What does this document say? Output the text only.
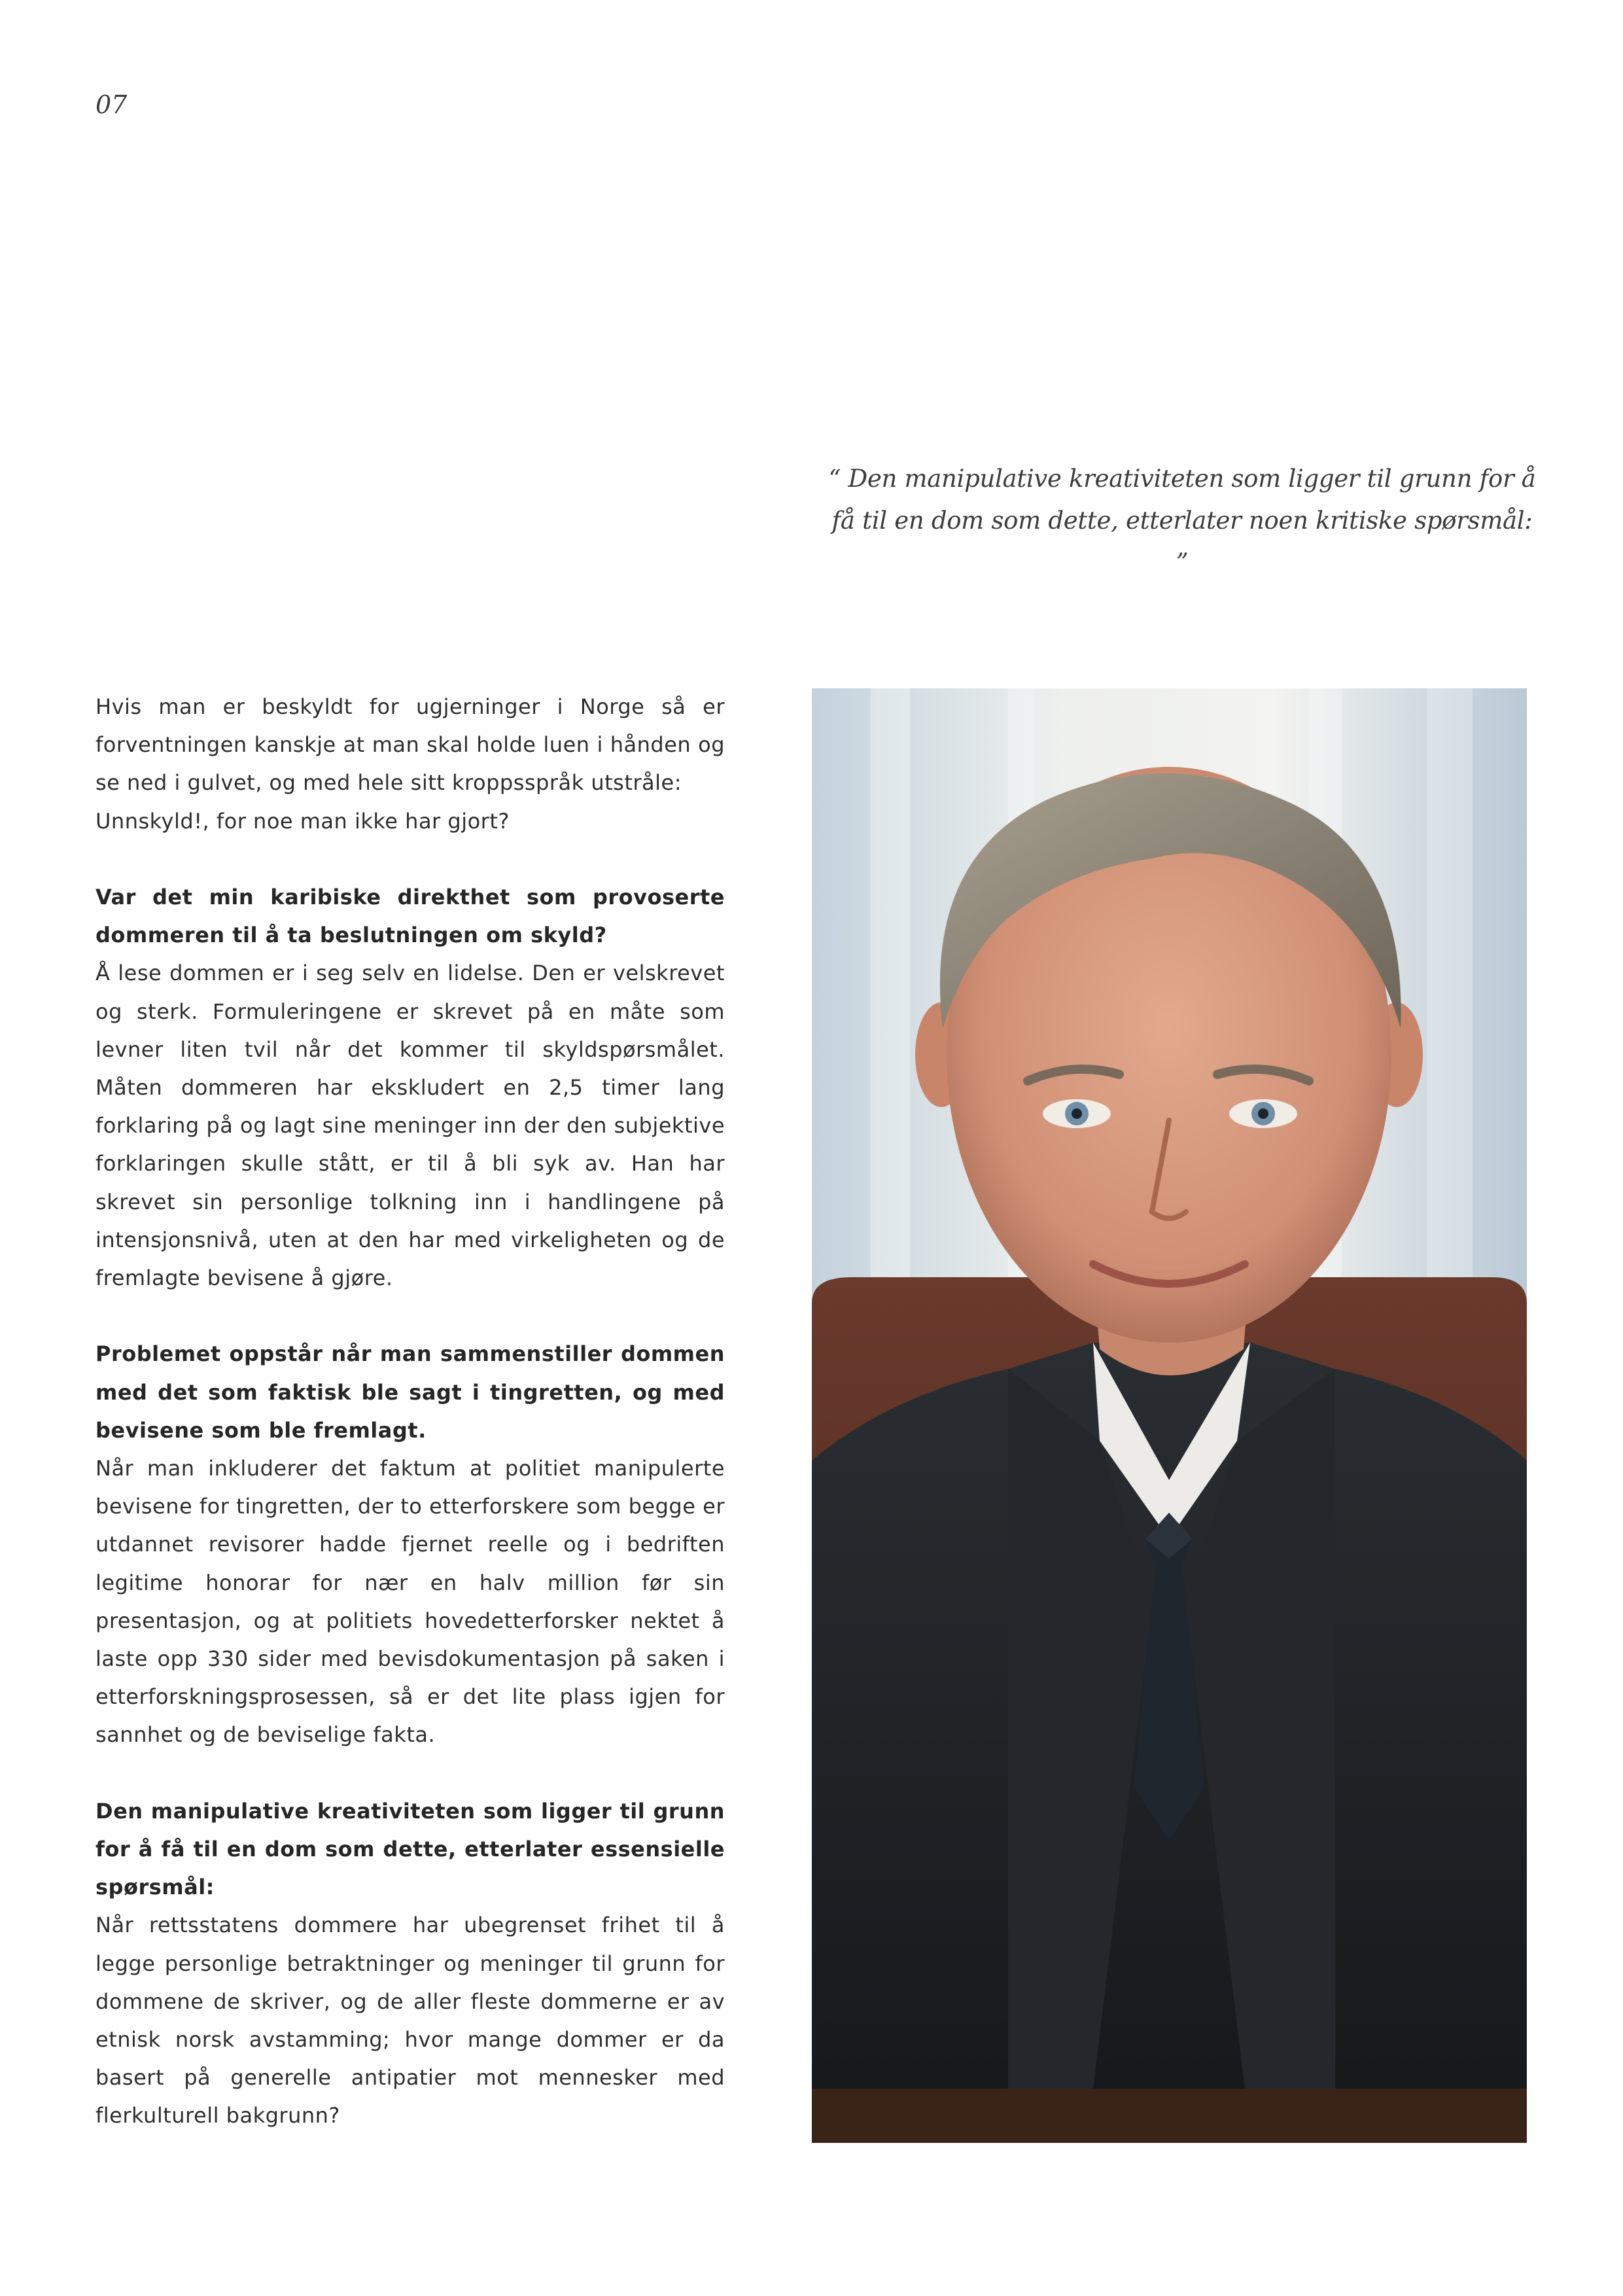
07

“ Den manipulative kreativiteten som ligger til grunn for å få til en dom som dette, etterlater noen kritiske spørsmål: ”

Hvis man er beskyldt for ugjerninger i Norge så er forventningen kanskje at man skal holde luen i hånden og se ned i gulvet, og med hele sitt kroppsspråk utstråle:

Unnskyld!, for noe man ikke har gjort?

Var det min karibiske direkthet som provoserte dommeren til å ta beslutningen om skyld?

Å lese dommen er i seg selv en lidelse. Den er velskrevet og sterk. Formuleringene er skrevet på en måte som levner liten tvil når det kommer til skyldspørsmålet. Måten dommeren har ekskludert en 2,5 timer lang forklaring på og lagt sine meninger inn der den subjektive forklaringen skulle stått, er til å bli syk av. Han har skrevet sin personlige tolkning inn i handlingene på intensjonsnivå, uten at den har med virkeligheten og de fremlagte bevisene å gjøre.

Problemet oppstår når man sammenstiller dommen med det som faktisk ble sagt i tingretten, og med bevisene som ble fremlagt.

Når man inkluderer det faktum at politiet manipulerte bevisene for tingretten, der to etterforskere som begge er utdannet revisorer hadde fjernet reelle og i bedriften legitime honorar for nær en halv million før sin presentasjon, og at politiets hovedetterforsker nektet å laste opp 330 sider med bevisdokumentasjon på saken i etterforskningsprosessen, så er det lite plass igjen for sannhet og de beviselige fakta.

Den manipulative kreativiteten som ligger til grunn for å få til en dom som dette, etterlater essensielle spørsmål:

Når rettsstatens dommere har ubegrenset frihet til å legge personlige betraktninger og meninger til grunn for dommene de skriver, og de aller fleste dommerne er av etnisk norsk avstamming; hvor mange dommer er da basert på generelle antipatier mot mennesker med flerkulturell bakgrunn?
